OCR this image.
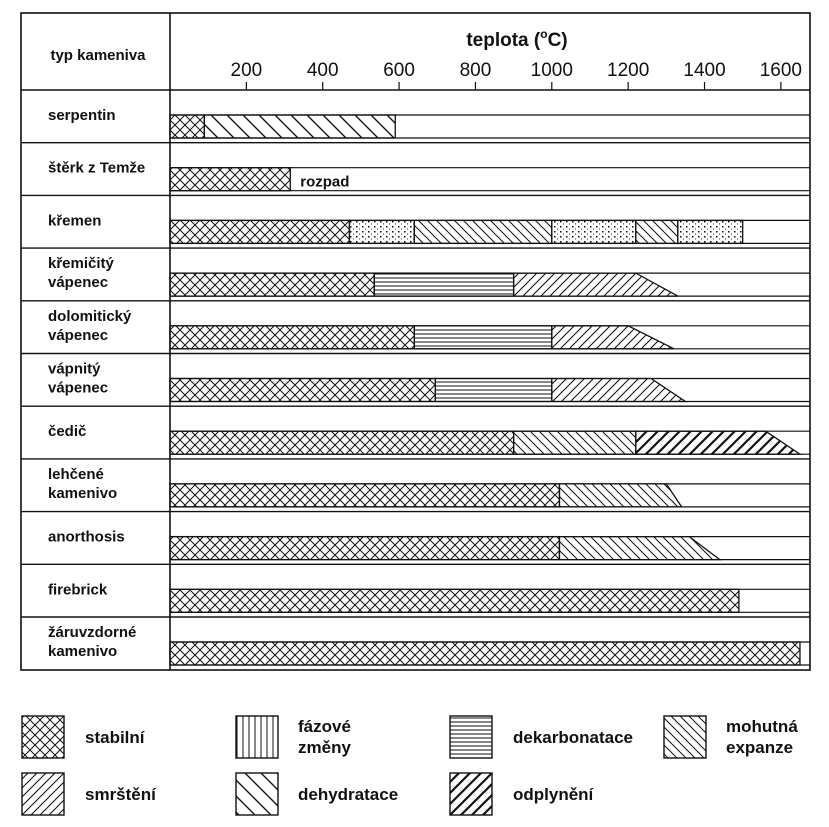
typ kameniva
teplota ($^o$C)
200 400 600 800 1000 1200 1400 1600
serpentin
štěrk z Temže
rozpad
křemen
křemičitý
vápenec
dolomitický
vápenec
vápnitý
vápenec
čedič
lehčené
kamenivo
anorthosis
firebrick
žáruvzdorné
kamenivo
stabilní
fázové
změny
dekarbonatace
mohutná
expanze
smrštění	dehydratace	odplynění
